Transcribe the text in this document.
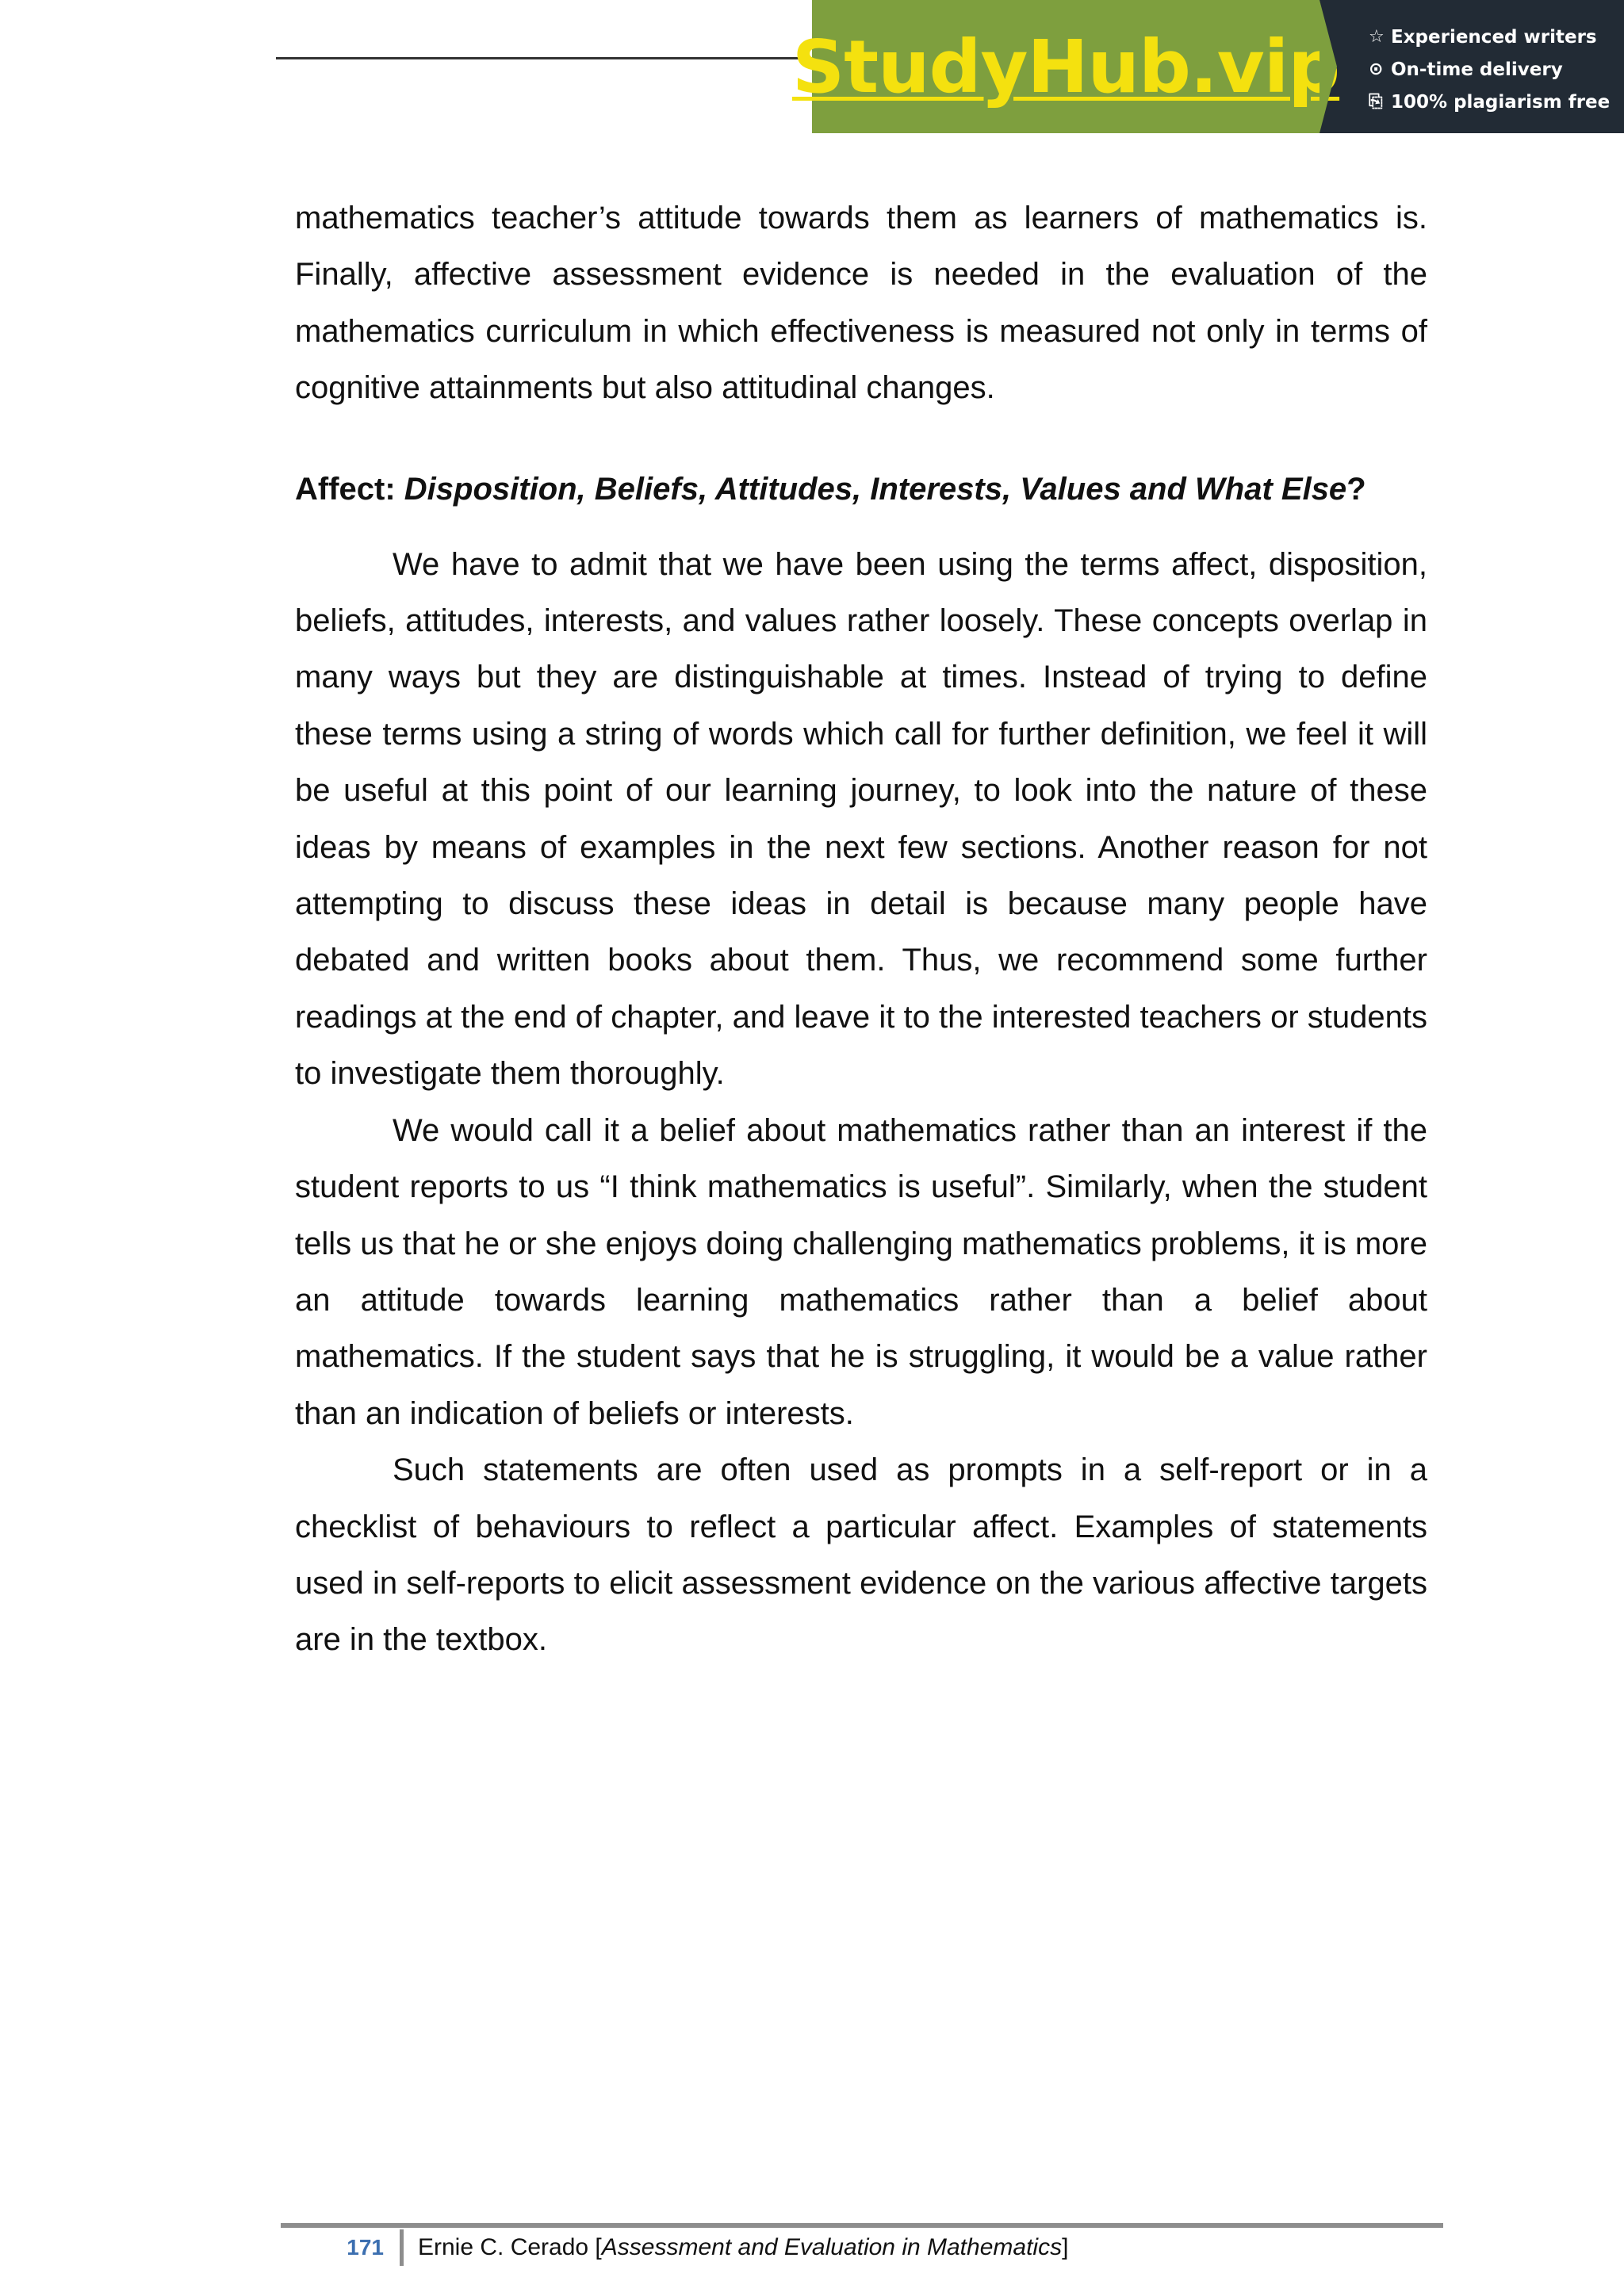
StudyHub.vip ☆ Experienced writers
⊙ On-time delivery
⎘ 100% plagiarism free

mathematics teacher’s attitude towards them as learners of mathematics is. Finally, affective assessment evidence is needed in the evaluation of the mathematics curriculum in which effectiveness is measured not only in terms of cognitive attainments but also attitudinal changes.

Affect: Disposition, Beliefs, Attitudes, Interests, Values and What Else?

We have to admit that we have been using the terms affect, disposition, beliefs, attitudes, interests, and values rather loosely. These concepts overlap in many ways but they are distinguishable at times. Instead of trying to define these terms using a string of words which call for further definition, we feel it will be useful at this point of our learning journey, to look into the nature of these ideas by means of examples in the next few sections. Another reason for not attempting to discuss these ideas in detail is because many people have debated and written books about them. Thus, we recommend some further readings at the end of chapter, and leave it to the interested teachers or students to investigate them thoroughly.

We would call it a belief about mathematics rather than an interest if the student reports to us “I think mathematics is useful”. Similarly, when the student tells us that he or she enjoys doing challenging mathematics problems, it is more an attitude towards learning mathematics rather than a belief about mathematics. If the student says that he is struggling, it would be a value rather than an indication of beliefs or interests.

Such statements are often used as prompts in a self-report or in a checklist of behaviours to reflect a particular affect. Examples of statements used in self-reports to elicit assessment evidence on the various affective targets are in the textbox.

171	Ernie C. Cerado [Assessment and Evaluation in Mathematics]
